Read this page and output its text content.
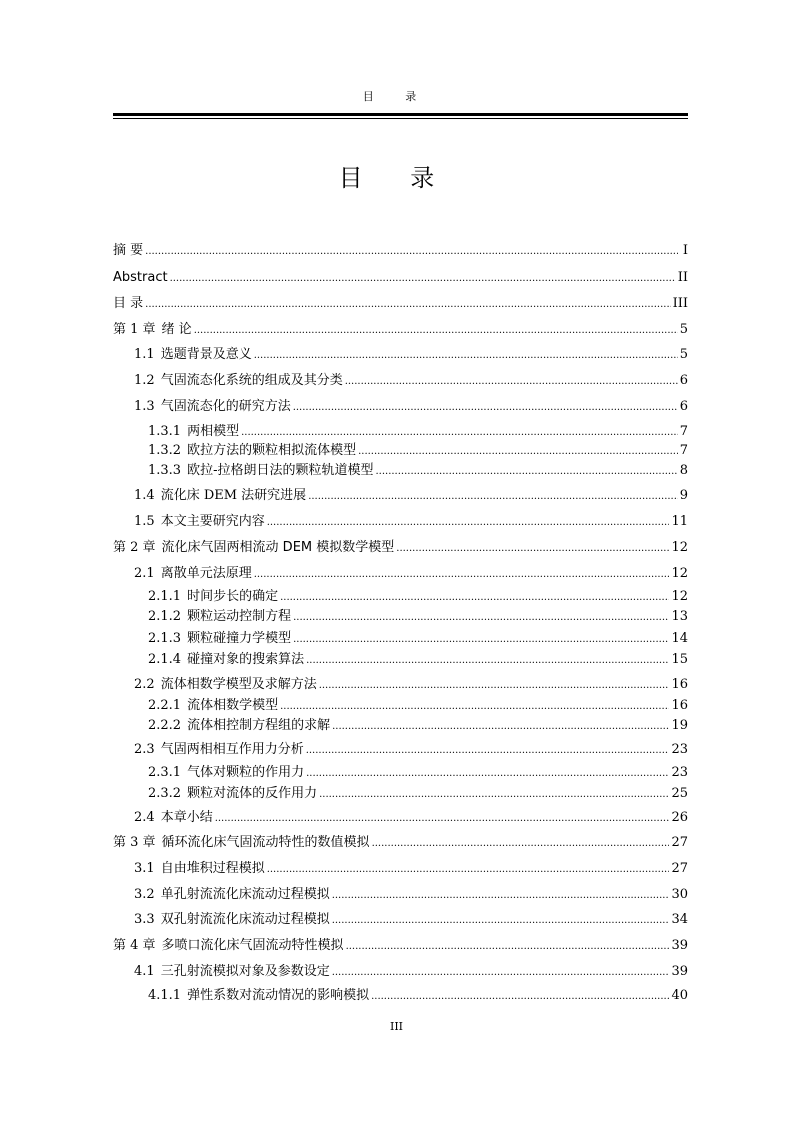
目 录
目 录
摘 要 .....	I
Abstract .....	II
目 录 .....	III
第 1 章 绪 论 .....	5
1.1 选题背景及意义 .....	5
1.2 气固流态化系统的组成及其分类 .....	6
1.3 气固流态化的研究方法 .....	6
1.3.1 两相模型 .....	7
1.3.2 欧拉方法的颗粒相拟流体模型 .....	7
1.3.3 欧拉-拉格朗日法的颗粒轨道模型 .....	8
1.4 流化床 DEM 法研究进展 .....	9
1.5 本文主要研究内容 .....	11
第 2 章 流化床气固两相流动 DEM 模拟数学模型 .....	12
2.1 离散单元法原理 .....	12
2.1.1 时间步长的确定 .....	12
2.1.2 颗粒运动控制方程 .....	13
2.1.3 颗粒碰撞力学模型 .....	14
2.1.4 碰撞对象的搜索算法 .....	15
2.2 流体相数学模型及求解方法 .....	16
2.2.1 流体相数学模型 .....	16
2.2.2 流体相控制方程组的求解 .....	19
2.3 气固两相相互作用力分析 .....	23
2.3.1 气体对颗粒的作用力 .....	23
2.3.2 颗粒对流体的反作用力 .....	25
2.4 本章小结 .....	26
第 3 章 循环流化床气固流动特性的数值模拟 .....	27
3.1 自由堆积过程模拟 .....	27
3.2 单孔射流流化床流动过程模拟 .....	30
3.3 双孔射流流化床流动过程模拟 .....	34
第 4 章 多喷口流化床气固流动特性模拟 .....	39
4.1 三孔射流模拟对象及参数设定 .....	39
4.1.1 弹性系数对流动情况的影响模拟 .....	40
III
